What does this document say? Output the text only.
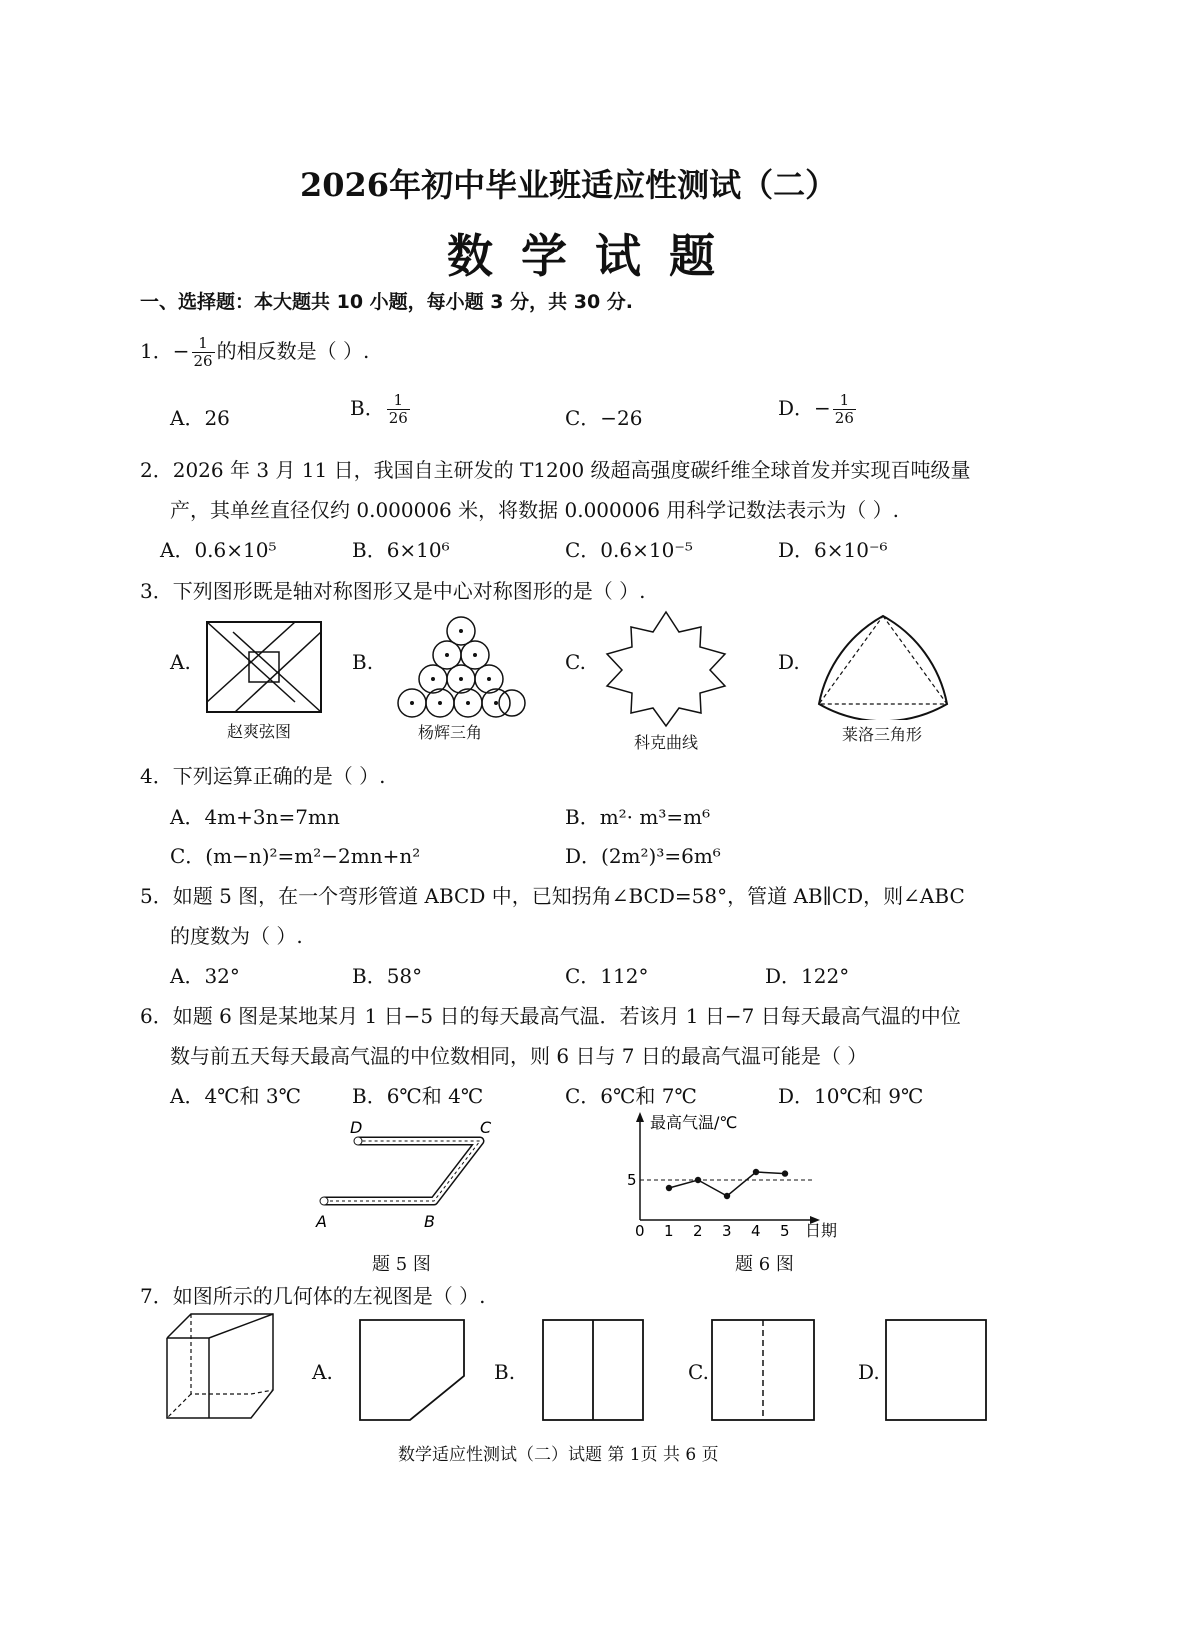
2026年初中毕业班适应性测试（二）
数学试题
一、选择题：本大题共 10 小题，每小题 3 分，共 30 分.
1．− $\frac{1}{26}$ 的相反数是（ ）.
A．26	B． $\frac{1}{26}$	C．−26	D．− $\frac{1}{26}$
2．2026 年 3 月 11 日，我国自主研发的 T1200 级超高强度碳纤维全球首发并实现百吨级量
产，其单丝直径仅约 0.000006 米，将数据 0.000006 用科学记数法表示为（ ）.
A．0.6×10⁵	B．6×10⁶	C．0.6×10⁻⁵	D．6×10⁻⁶
3．下列图形既是轴对称图形又是中心对称图形的是（ ）.
A.	B.	C.	D.
赵爽弦图	杨辉三角
科克曲线	莱洛三角形
4．下列运算正确的是（ ）.
A．4m+3n=7mn	B．m²· m³=m⁶
C．(m−n)²=m²−2mn+n²	D．(2m²)³=6m⁶
5．如题 5 图，在一个弯形管道 ABCD 中，已知拐角∠BCD=58°，管道 AB∥CD，则∠ABC
的度数为（ ）.
A．32°	B．58°	C．112°	D．122°
6．如题 6 图是某地某月 1 日−5 日的每天最高气温．若该月 1 日−7 日每天最高气温的中位
数与前五天每天最高气温的中位数相同，则 6 日与 7 日的最高气温可能是（ ）
A．4℃和 3℃	B．6℃和 4℃	C．6℃和 7℃	D．10℃和 9℃
D	C
A	B
题 5 图
最高气温/℃
日期
5
0 1 2 3 4 5
题 6 图
7．如图所示的几何体的左视图是（ ）.
A.	B.	C.	D.
数学适应性测试（二）试题 第 1页 共 6 页
